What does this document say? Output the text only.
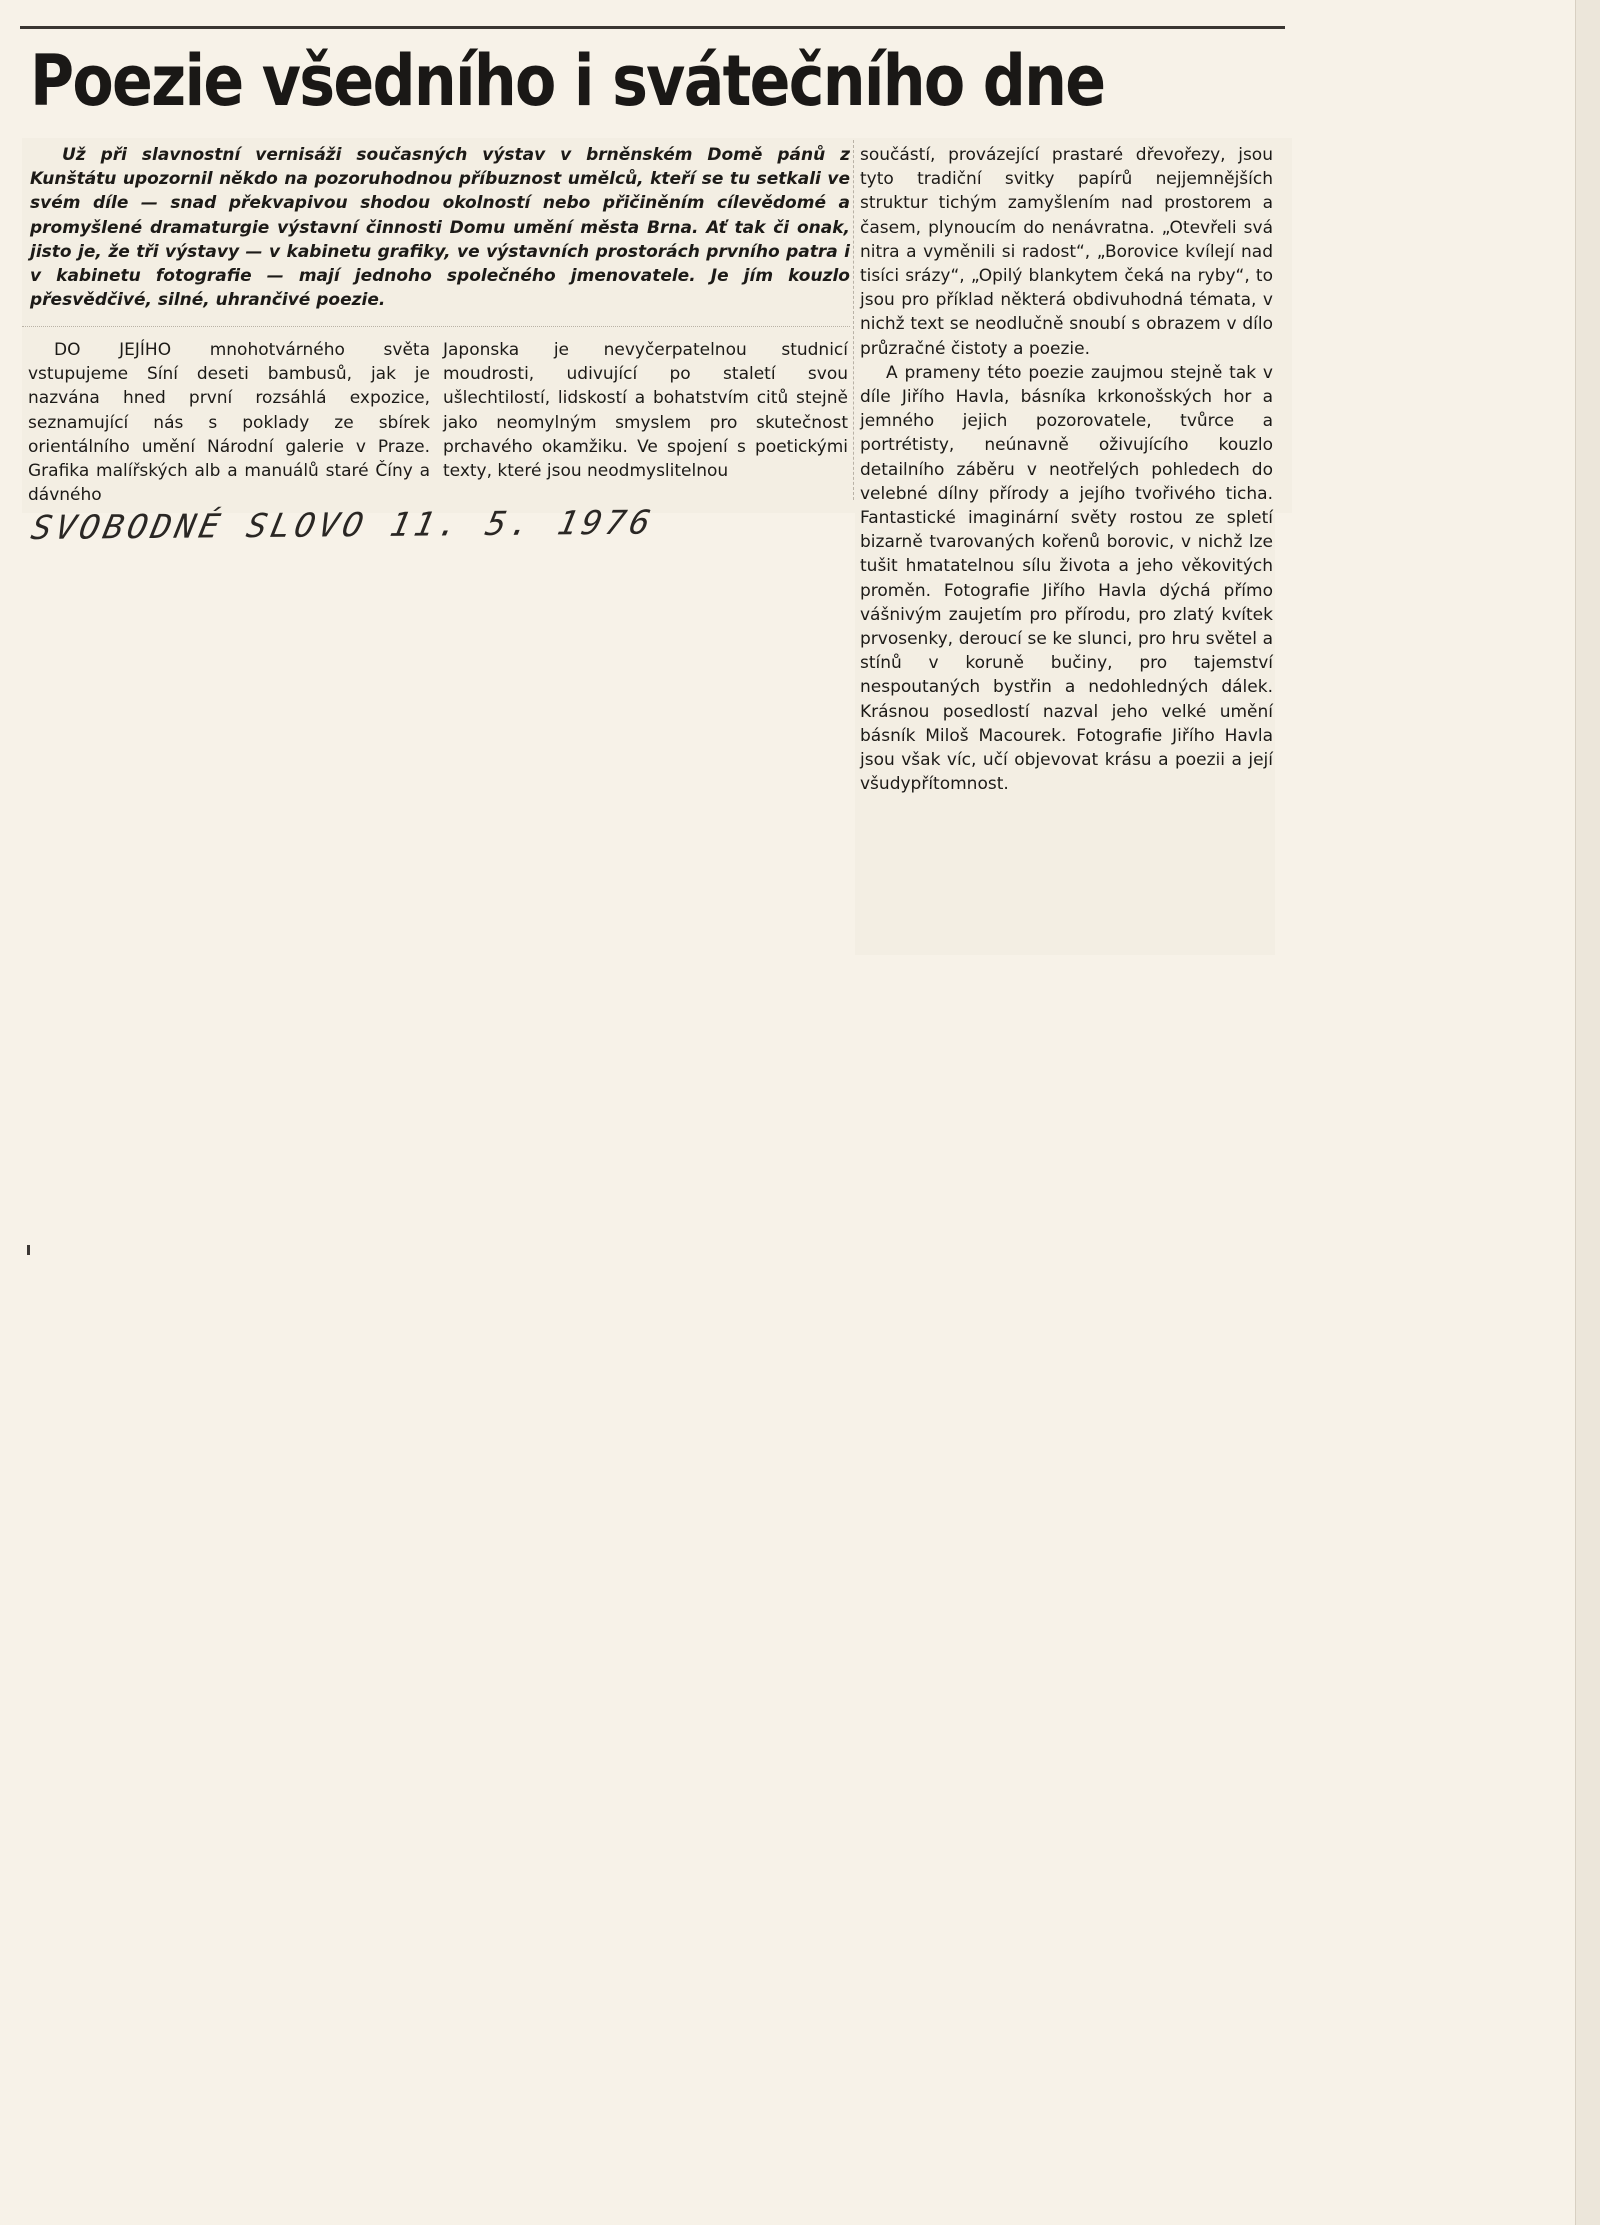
Poezie všedního i svátečního dne

Už při slavnostní vernisáži současných výstav v brněnském Domě pánů z Kunštátu upozornil někdo na pozoruhodnou příbuznost umělců, kteří se tu setkali ve svém díle — snad překvapivou shodou okolností nebo přičiněním cílevědomé a promyšlené dramaturgie výstavní činnosti Domu umění města Brna. Ať tak či onak, jisto je, že tři výstavy — v kabinetu grafiky, ve výstavních prostorách prvního patra i v kabinetu fotografie — mají jednoho společného jmenovatele. Je jím kouzlo přesvědčivé, silné, uhrančivé poezie.

DO JEJÍHO mnohotvárného světa vstupujeme Síní deseti bambusů, jak je nazvána hned první rozsáhlá expozice, seznamující nás s poklady ze sbírek orientálního umění Národní galerie v Praze. Grafika malířských alb a manuálů staré Číny a dávného

Japonska je nevyčerpatelnou studnicí moudrosti, udivující po staletí svou ušlechtilostí, lidskostí a bohatstvím citů stejně jako neomylným smyslem pro skutečnost prchavého okamžiku. Ve spojení s poetickými texty, které jsou neodmyslitelnou

součástí, provázející prastaré dřevořezy, jsou tyto tradiční svitky papírů nejjemnějších struktur tichým zamyšlením nad prostorem a časem, plynoucím do nenávratna. „Otevřeli svá nitra a vyměnili si radost“, „Borovice kvílejí nad tisíci srázy“, „Opilý blankytem čeká na ryby“, to jsou pro příklad některá obdivuhodná témata, v nichž text se neodlučně snoubí s obrazem v dílo průzračné čistoty a poezie.

A prameny této poezie zaujmou stejně tak v díle Jiřího Havla, básníka krkonošských hor a jemného jejich pozorovatele, tvůrce a portrétisty, neúnavně oživujícího kouzlo detailního záběru v neotřelých pohledech do velebné dílny přírody a jejího tvořivého ticha. Fantastické imaginární světy rostou ze spletí bizarně tvarovaných kořenů borovic, v nichž lze tušit hmatatelnou sílu života a jeho věkovitých proměn. Fotografie Jiřího Havla dýchá přímo vášnivým zaujetím pro přírodu, pro zlatý kvítek prvosenky, deroucí se ke slunci, pro hru světel a stínů v koruně bučiny, pro tajemství nespoutaných bystřin a nedohledných dálek. Krásnou posedlostí nazval jeho velké umění básník Miloš Macourek. Fotografie Jiřího Havla jsou však víc, učí objevovat krásu a poezii a její všudypřítomnost.

SVOBODNÉ SLOVO 11. 5. 1976
